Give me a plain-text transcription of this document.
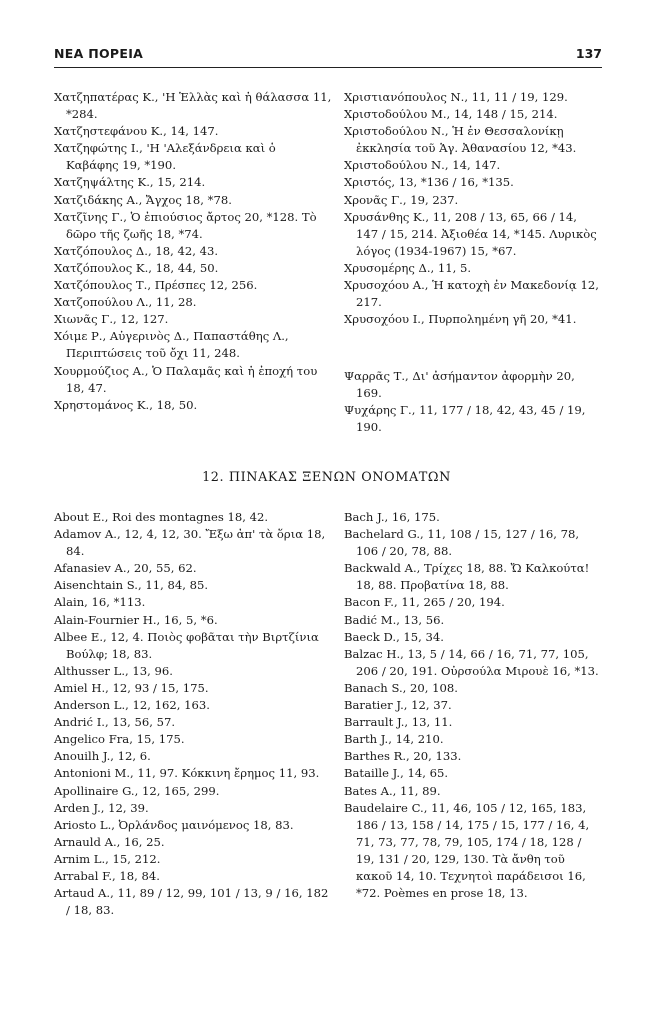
ΝΕΑ ΠΟΡΕΙΑ	137

Χατζηπατέρας Κ., 'Η Ἑλλὰς καὶ ἡ θάλασσα 11, *284.

Χατζηστεφάνου Κ., 14, 147.

Χατζηφώτης Ι., 'Η 'Αλεξάνδρεια καὶ ὁ Καβάφης 19, *190.

Χατζηψάλτης Κ., 15, 214.

Χατζιδάκης Α., Ἄγχος 18, *78.

Χατζῖνης Γ., Ὁ ἐπιούσιος ἄρτος 20, *128. Τὸ δῶρο τῆς ζωῆς 18, *74.

Χατζόπουλος Δ., 18, 42, 43.

Χατζόπουλος Κ., 18, 44, 50.

Χατζόπουλος Τ., Πρέσπες 12, 256.

Χατζοπούλου Λ., 11, 28.

Χιωνᾶς Γ., 12, 127.

Χόιμε Ρ., Αὐγερινὸς Δ., Παπαστάθης Λ., Περιπτώσεις τοῦ ὄχι 11, 248.

Χουρμούζιος Α., Ὁ Παλαμᾶς καὶ ἡ ἐποχή του 18, 47.

Χρηστομάνος Κ., 18, 50.

Χριστιανόπουλος Ν., 11, 11 / 19, 129.

Χριστοδούλου Μ., 14, 148 / 15, 214.

Χριστοδούλου Ν., Ἡ ἐν Θεσσαλονίκῃ ἐκκλησία τοῦ Ἁγ. Ἀθανασίου 12, *43.

Χριστοδούλου Ν., 14, 147.

Χριστός, 13, *136 / 16, *135.

Χρονᾶς Γ., 19, 237.

Χρυσάνθης Κ., 11, 208 / 13, 65, 66 / 14, 147 / 15, 214. Ἀξιοθέα 14, *145. Λυρικὸς λόγος (1934-1967) 15, *67.

Χρυσομέρης Δ., 11, 5.

Χρυσοχόου Α., Ἡ κατοχὴ ἐν Μακεδονίᾳ 12, 217.

Χρυσοχόου Ι., Πυρπολημένη γῆ 20, *41.

Ψαρρᾶς Τ., Δι' ἀσήμαντον ἀφορμὴν 20, 169.

Ψυχάρης Γ., 11, 177 / 18, 42, 43, 45 / 19, 190.

12. ΠΙΝΑΚΑΣ ΞΕΝΩΝ ΟΝΟΜΑΤΩΝ

About E., Roi des montagnes 18, 42.

Adamov A., 12, 4, 12, 30. Ἔξω ἀπ' τὰ ὅρια 18, 84.

Afanasiev A., 20, 55, 62.

Aisenchtain S., 11, 84, 85.

Alain, 16, *113.

Alain-Fournier H., 16, 5, *6.

Albee E., 12, 4. Ποιὸς φοβᾶται τὴν Βιρτζίνια Βούλφ; 18, 83.

Althusser L., 13, 96.

Amiel H., 12, 93 / 15, 175.

Anderson L., 12, 162, 163.

Andrić I., 13, 56, 57.

Angelico Fra, 15, 175.

Anouilh J., 12, 6.

Antonioni M., 11, 97. Κόκκινη ἔρημος 11, 93.

Apollinaire G., 12, 165, 299.

Arden J., 12, 39.

Ariosto L., Ὀρλάνδος μαινόμενος 18, 83.

Arnauld A., 16, 25.

Arnim L., 15, 212.

Arrabal F., 18, 84.

Artaud A., 11, 89 / 12, 99, 101 / 13, 9 / 16, 182 / 18, 83.

Bach J., 16, 175.

Bachelard G., 11, 108 / 15, 127 / 16, 78, 106 / 20, 78, 88.

Backwald A., Τρίχες 18, 88. Ὤ Καλκούτα! 18, 88. Προβατίνα 18, 88.

Bacon F., 11, 265 / 20, 194.

Badić M., 13, 56.

Baeck D., 15, 34.

Balzac H., 13, 5 / 14, 66 / 16, 71, 77, 105, 206 / 20, 191. Οὐρσούλα Μιρουὲ 16, *13.

Banach S., 20, 108.

Baratier J., 12, 37.

Barrault J., 13, 11.

Barth J., 14, 210.

Barthes R., 20, 133.

Bataille J., 14, 65.

Bates A., 11, 89.

Baudelaire C., 11, 46, 105 / 12, 165, 183, 186 / 13, 158 / 14, 175 / 15, 177 / 16, 4, 71, 73, 77, 78, 79, 105, 174 / 18, 128 / 19, 131 / 20, 129, 130. Τὰ ἄνθη τοῦ κακοῦ 14, 10. Τεχνητοὶ παράδεισοι 16, *72. Poèmes en prose 18, 13.
